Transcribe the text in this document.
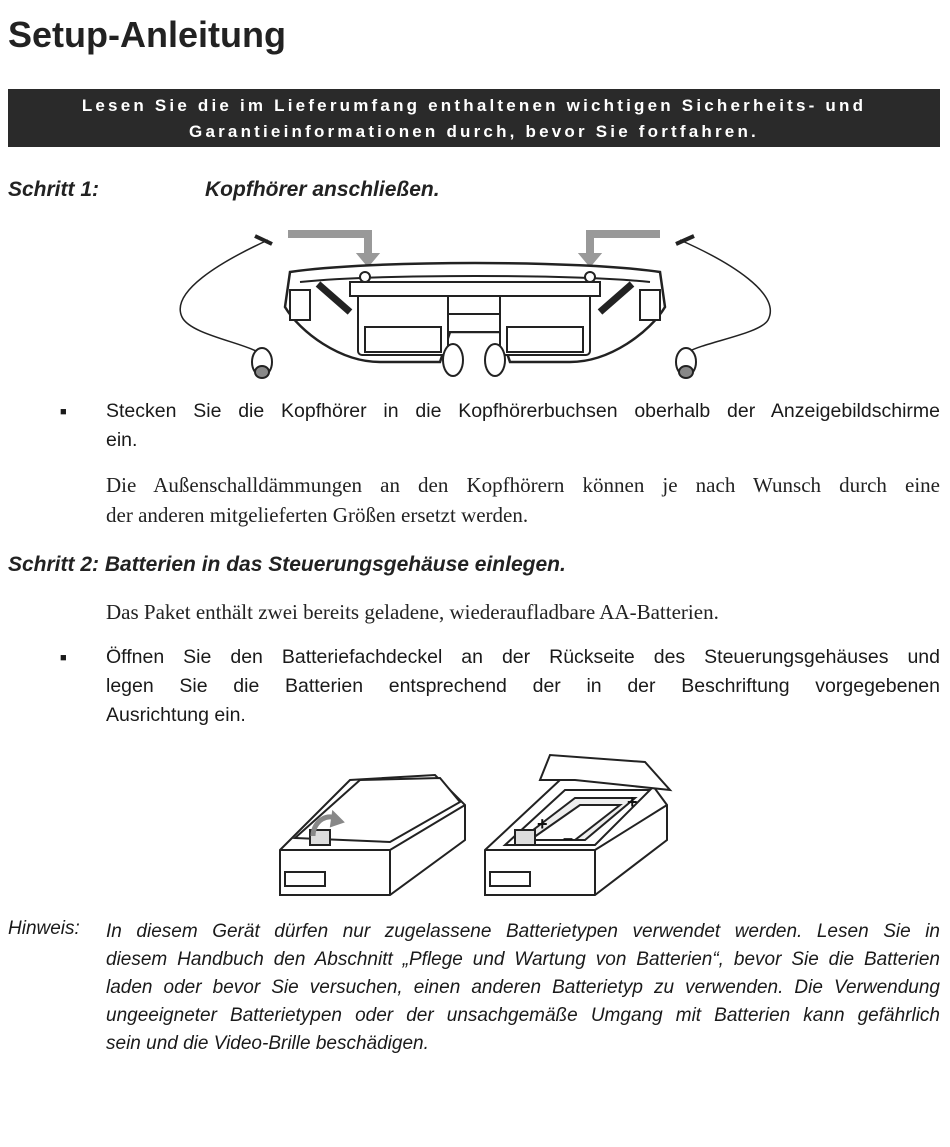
Setup-Anleitung
Lesen Sie die im Lieferumfang enthaltenen wichtigen Sicherheits- und
Garantieinformationen durch, bevor Sie fortfahren.
Schritt 1:	Kopfhörer anschließen.
■ Stecken Sie die Kopfhörer in die Kopfhörerbuchsen oberhalb der Anzeigebildschirme
ein.
Die Außenschalldämmungen an den Kopfhörern können je nach Wunsch durch eine
der anderen mitgelieferten Größen ersetzt werden.
Schritt 2: Batterien in das Steuerungsgehäuse einlegen.
Das Paket enthält zwei bereits geladene, wiederaufladbare AA-Batterien.
■ Öffnen Sie den Batteriefachdeckel an der Rückseite des Steuerungsgehäuses und
legen Sie die Batterien entsprechend der in der Beschriftung vorgegebenen
Ausrichtung ein.
+
+
–
Hinweis: In diesem Gerät dürfen nur zugelassene Batterietypen verwendet werden. Lesen Sie in
diesem Handbuch den Abschnitt „Pflege und Wartung von Batterien“, bevor Sie die Batterien
laden oder bevor Sie versuchen, einen anderen Batterietyp zu verwenden. Die Verwendung
ungeeigneter Batterietypen oder der unsachgemäße Umgang mit Batterien kann gefährlich
sein und die Video-Brille beschädigen.
